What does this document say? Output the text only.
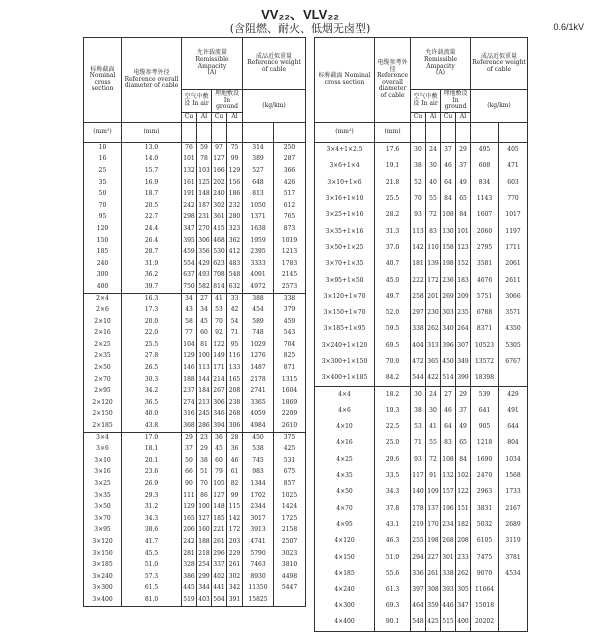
VV₂₂、VLV₂₂
(含阻燃、耐火、低烟无卤型)	0.6/1kV
标称截面 Nominal cross section	电缆参考外径 Reference overall diameter of cable	允许载流量 Remissible Ampacity
(A)				成品近似重量 Reference weight of cable	
		空气中敷设 In air		埋地敷设 In ground		(kg/km)	
		Cu	Al	Cu	Al		
(mm²)	(mm)						
10	13.0	76	59	97	75	314	250
16	14.0	101	78	127	99	389	287
25	15.7	132	103	166	129	527	366
35	16.9	161	125	202	156	648	426
50	18.7	191	148	240	186	813	517
70	20.5	242	187	302	232	1050	612
95	22.7	298	231	361	280	1371	765
120	24.4	347	270	415	323	1638	873
150	26.4	395	306	468	362	1959	1019
185	28.7	459	356	530	412	2395	1213
240	31.9	554	429	623	483	3333	1783
300	36.2	637	493	708	548	4091	2145
400	39.7	750	582	814	632	4972	2573
2×4	16.3	34	27	41	33	388	338
2×6	17.3	43	34	53	42	454	379
2×10	20.0	58	45	70	54	589	459
2×16	22.0	77	60	92	71	748	543
2×25	25.5	104	81	122	95	1029	704
2×35	27.8	129	100	149	116	1276	825
2×50	26.5	146	113	171	133	1487	871
2×70	30.3	188	144	214	165	2178	1315
2×95	34.2	237	184	267	208	2741	1604
2×120	36.5	274	213	306	238	3365	1869
2×150	40.0	316	245	346	268	4059	2209
2×185	43.8	368	286	394	306	4984	2610
3×4	17.0	29	23	36	28	450	375
3×6	18.1	37	29	45	36	538	425
3×10	20.1	50	38	60	46	745	531
3×16	23.6	66	51	79	61	983	675
3×25	26.9	90	70	105	82	1344	857
3×35	29.3	111	86	127	99	1702	1025
3×50	31.2	129	100	148	115	2344	1424
3×70	34.3	165	127	185	142	3017	1725
3×95	38.6	206	160	221	172	3913	2158
3×120	41.7	242	188	261	203	4741	2507
3×150	45.5	281	218	296	229	5790	3023
3×185	51.0	328	254	337	261	7463	3810
3×240	57.3	386	299	402	302	8930	4498
3×300	61.5	445	344	441	342	11350	5447
3×400	81.0	519	403	504	391	15825	
标称截面 Nominal cross section	电缆参考外径 Reference overall diameter of cable	允许载流量 Remissible Ampacity
(A)				成品近似重量 Reference weight of cable	
		空气中敷设 In air		埋地敷设 In ground		(kg/km)	
		Cu	Al	Cu	Al		
(mm²)	(mm)						
3×4+1×2.5	17.6	30	24	37	29	495	405
3×6+1×4	19.1	38	30	46	37	608	471
3×10+1×6	21.8	52	40	64	49	834	603
3×16+1×10	25.5	70	55	84	65	1143	770
3×25+1×16	28.2	93	72	108	84	1607	1017
3×35+1×16	31.3	113	83	130	101	2060	1197
3×50+1×25	37.0	142	110	158	123	2795	1711
3×70+1×35	40.7	181	139	198	152	3581	2061
3×95+1×50	45.0	222	172	236	183	4676	2611
3×120+1×70	49.7	258	201	269	209	5751	3066
3×150+1×70	52.0	297	230	303	235	6788	3571
3×185+1×95	59.5	338	262	340	264	8371	4350
3×240+1×120	69.5	404	313	396	307	10523	5305
3×300+1×150	70.0	472	365	450	349	13572	6767
3×400+1×185	84.2	544	422	514	399	18398	
4×4	18.2	30	24	27	29	539	429
4×6	19.3	38	30	46	37	641	491
4×10	22.5	53	41	64	49	905	644
4×16	25.0	71	55	83	65	1218	804
4×25	29.6	93	72	108	84	1690	1034
4×35	33.5	117	91	132	102	2470	1568
4×50	34.3	140	109	157	122	2963	1733
4×70	37.8	178	137	196	151	3831	2167
4×95	43.1	219	170	234	182	5032	2689
4×120	46.3	255	198	268	208	6105	3119
4×150	51.0	294	227	301	233	7475	3781
4×185	55.6	336	261	338	262	9070	4534
4×240	61.3	397	308	393	305	11664	
4×300	69.3	464	359	446	347	15018	
4×400	90.1	548	425	515	400	20202	
